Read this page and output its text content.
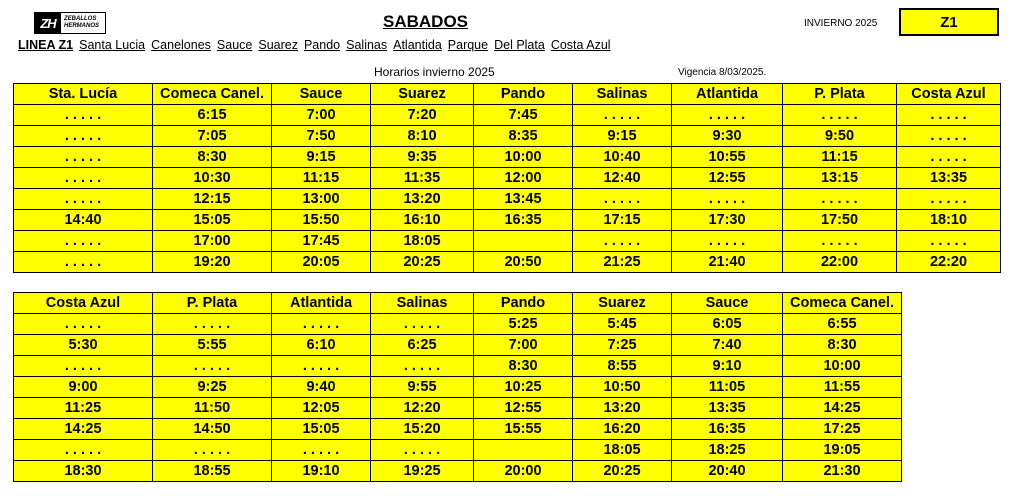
ZH	ZEBALLOS
HERMANOS	SABADOS	INVIERNO 2025	Z1
LINEA Z1 Santa Lucia Canelones Sauce Suarez Pando Salinas Atlantida Parque Del Plata Costa Azul
Horarios invierno 2025	Vigencia 8/03/2025.
Sta. Lucía	Comeca Canel.	Sauce	Suarez	Pando	Salinas	Atlantida	P. Plata	Costa Azul
. . . . .	6:15	7:00	7:20	7:45	. . . . .	. . . . .	. . . . .	. . . . .
. . . . .	7:05	7:50	8:10	8:35	9:15	9:30	9:50	. . . . .
. . . . .	8:30	9:15	9:35	10:00	10:40	10:55	11:15	. . . . .
. . . . .	10:30	11:15	11:35	12:00	12:40	12:55	13:15	13:35
. . . . .	12:15	13:00	13:20	13:45	. . . . .	. . . . .	. . . . .	. . . . .
14:40	15:05	15:50	16:10	16:35	17:15	17:30	17:50	18:10
. . . . .	17:00	17:45	18:05		. . . . .	. . . . .	. . . . .	. . . . .
. . . . .	19:20	20:05	20:25	20:50	21:25	21:40	22:00	22:20
Costa Azul	P. Plata	Atlantida	Salinas	Pando	Suarez	Sauce	Comeca Canel.
. . . . .	. . . . .	. . . . .	. . . . .	5:25	5:45	6:05	6:55
5:30	5:55	6:10	6:25	7:00	7:25	7:40	8:30
. . . . .	. . . . .	. . . . .	. . . . .	8:30	8:55	9:10	10:00
9:00	9:25	9:40	9:55	10:25	10:50	11:05	11:55
11:25	11:50	12:05	12:20	12:55	13:20	13:35	14:25
14:25	14:50	15:05	15:20	15:55	16:20	16:35	17:25
. . . . .	. . . . .	. . . . .	. . . . .		18:05	18:25	19:05
18:30	18:55	19:10	19:25	20:00	20:25	20:40	21:30
